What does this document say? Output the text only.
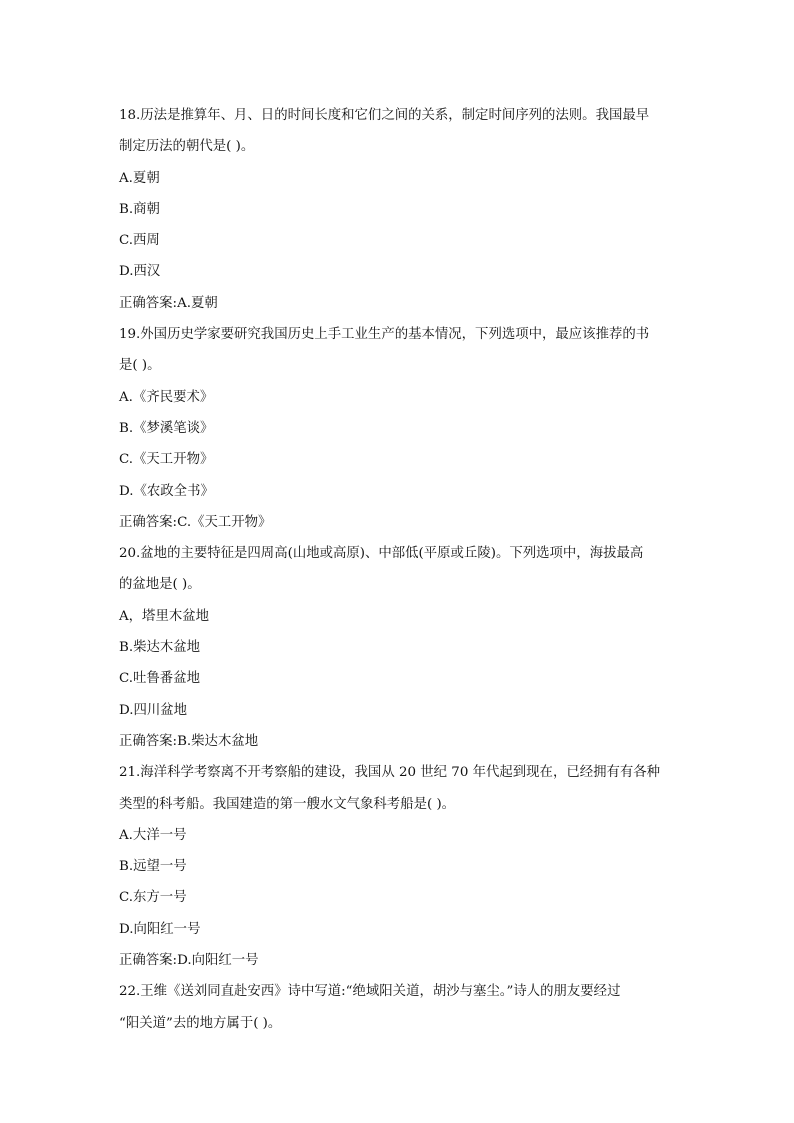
18.历法是推算年、月、日的时间长度和它们之间的关系，制定时间序列的法则。我国最早
制定历法的朝代是( )。
A.夏朝
B.商朝
C.西周
D.西汉
正确答案:A.夏朝
19.外国历史学家要研究我国历史上手工业生产的基本情况，下列选项中，最应该推荐的书
是( )。
A.《齐民要术》
B.《梦溪笔谈》
C.《天工开物》
D.《农政全书》
正确答案:C.《天工开物》
20.盆地的主要特征是四周高(山地或高原)、中部低(平原或丘陵)。下列选项中，海拔最高
的盆地是( )。
A，塔里木盆地
B.柴达木盆地
C.吐鲁番盆地
D.四川盆地
正确答案:B.柴达木盆地
21.海洋科学考察离不开考察船的建设，我国从 20 世纪 70 年代起到现在，已经拥有有各种
类型的科考船。我国建造的第一艘水文气象科考船是( )。
A.大洋一号
B.远望一号
C.东方一号
D.向阳红一号
正确答案:D.向阳红一号
22.王维《送刘同直赴安西》诗中写道:“绝域阳关道，胡沙与塞尘。”诗人的朋友要经过
“阳关道”去的地方属于( )。
